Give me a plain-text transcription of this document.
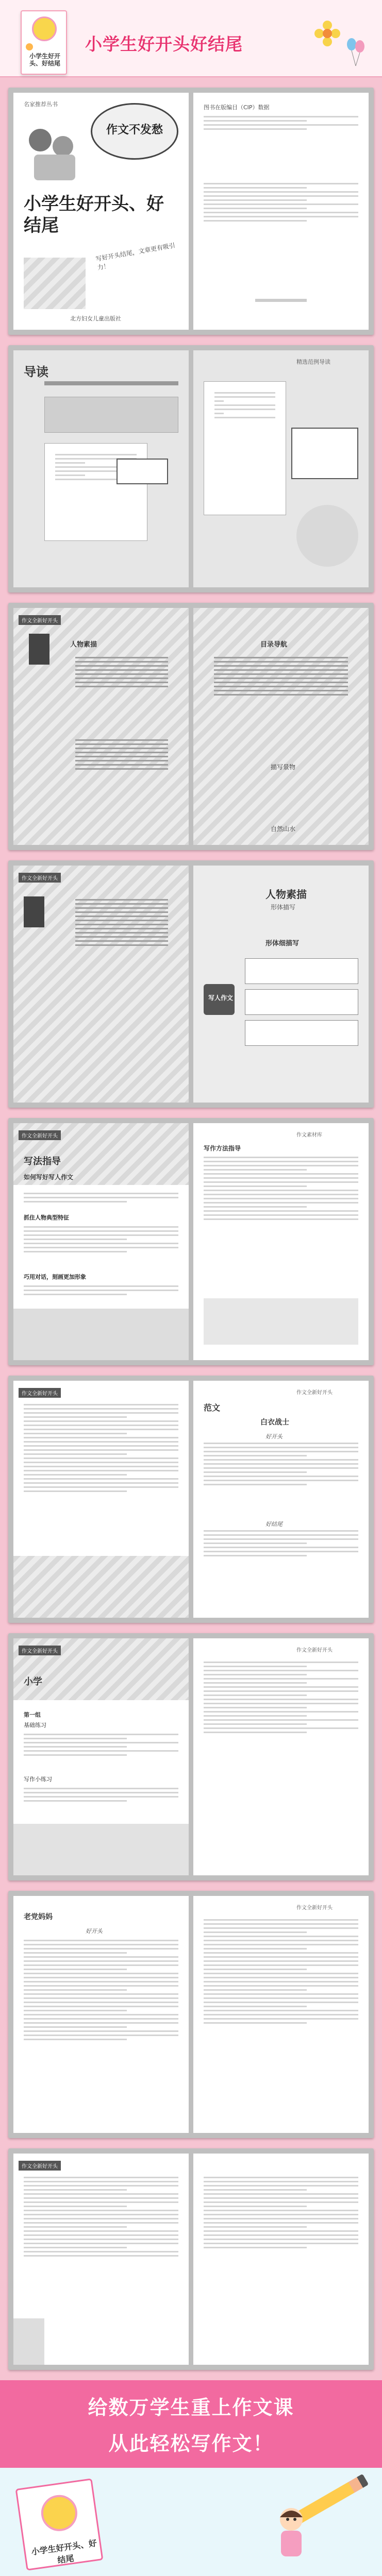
小学生好开头、好结尾
小学生好开头好结尾
名家推荐丛书
作文不发愁
小学生好开头、好结尾
写好开头结尾，文章更有吸引力！
北方妇女儿童出版社
图书在版编目（CIP）数据
导读
精选范例导读
作文全新好开头
人物素描	目录导航
描写景物
自然山水
作文全新好开头
人物素描
形体描写
形体细描写
写人作文
作文全新好开头
写法指导
如何写好写人作文
抓住人物典型特征
巧用对话，刻画更加形象
作文素材库
写作方法指导
作文全新好开头	作文全新好开头
范文
白衣战士
好开头
好结尾
作文全新好开头
小学
第一组
基础练习
写作小练习
作文全新好开头
老党妈妈
好开头
作文全新好开头
作文全新好开头
给数万学生重上作文课
从此轻松写作文！
小学生好开头、好结尾
